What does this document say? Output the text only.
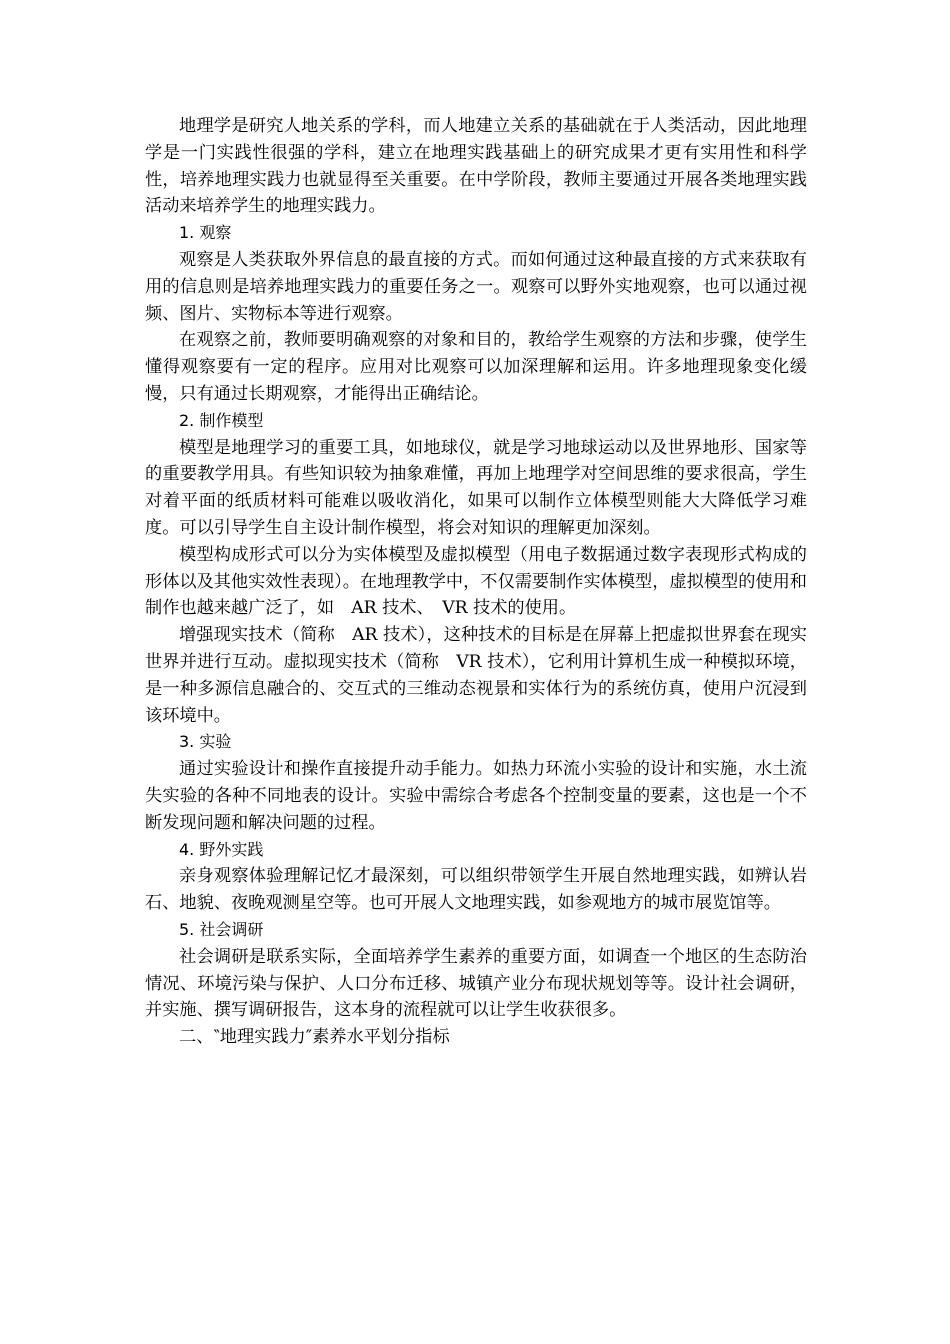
地理学是研究人地关系的学科，而人地建立关系的基础就在于人类活动，因此地理学是一门实践性很强的学科，建立在地理实践基础上的研究成果才更有实用性和科学性，培养地理实践力也就显得至关重要。在中学阶段，教师主要通过开展各类地理实践活动来培养学生的地理实践力。

1. 观察

观察是人类获取外界信息的最直接的方式。而如何通过这种最直接的方式来获取有用的信息则是培养地理实践力的重要任务之一。观察可以野外实地观察，也可以通过视频、图片、实物标本等进行观察。

在观察之前，教师要明确观察的对象和目的，教给学生观察的方法和步骤，使学生懂得观察要有一定的程序。应用对比观察可以加深理解和运用。许多地理现象变化缓慢，只有通过长期观察，才能得出正确结论。

2. 制作模型

模型是地理学习的重要工具，如地球仪，就是学习地球运动以及世界地形、国家等的重要教学用具。有些知识较为抽象难懂，再加上地理学对空间思维的要求很高，学生对着平面的纸质材料可能难以吸收消化，如果可以制作立体模型则能大大降低学习难度。可以引导学生自主设计制作模型，将会对知识的理解更加深刻。

模型构成形式可以分为实体模型及虚拟模型（用电子数据通过数字表现形式构成的形体以及其他实效性表现）。在地理教学中，不仅需要制作实体模型，虚拟模型的使用和制作也越来越广泛了，如　AR 技术、　VR 技术的使用。

增强现实技术（简称　AR 技术），这种技术的目标是在屏幕上把虚拟世界套在现实世界并进行互动。虚拟现实技术（简称　VR 技术），它利用计算机生成一种模拟环境，是一种多源信息融合的、交互式的三维动态视景和实体行为的系统仿真，使用户沉浸到该环境中。

3. 实验

通过实验设计和操作直接提升动手能力。如热力环流小实验的设计和实施，水土流失实验的各种不同地表的设计。实验中需综合考虑各个控制变量的要素，这也是一个不断发现问题和解决问题的过程。

4. 野外实践

亲身观察体验理解记忆才最深刻，可以组织带领学生开展自然地理实践，如辨认岩石、地貌、夜晚观测星空等。也可开展人文地理实践，如参观地方的城市展览馆等。

5. 社会调研

社会调研是联系实际，全面培养学生素养的重要方面，如调查一个地区的生态防治情况、环境污染与保护、人口分布迁移、城镇产业分布现状规划等等。设计社会调研，并实施、撰写调研报告，这本身的流程就可以让学生收获很多。

二、‶地理实践力″素养水平划分指标
